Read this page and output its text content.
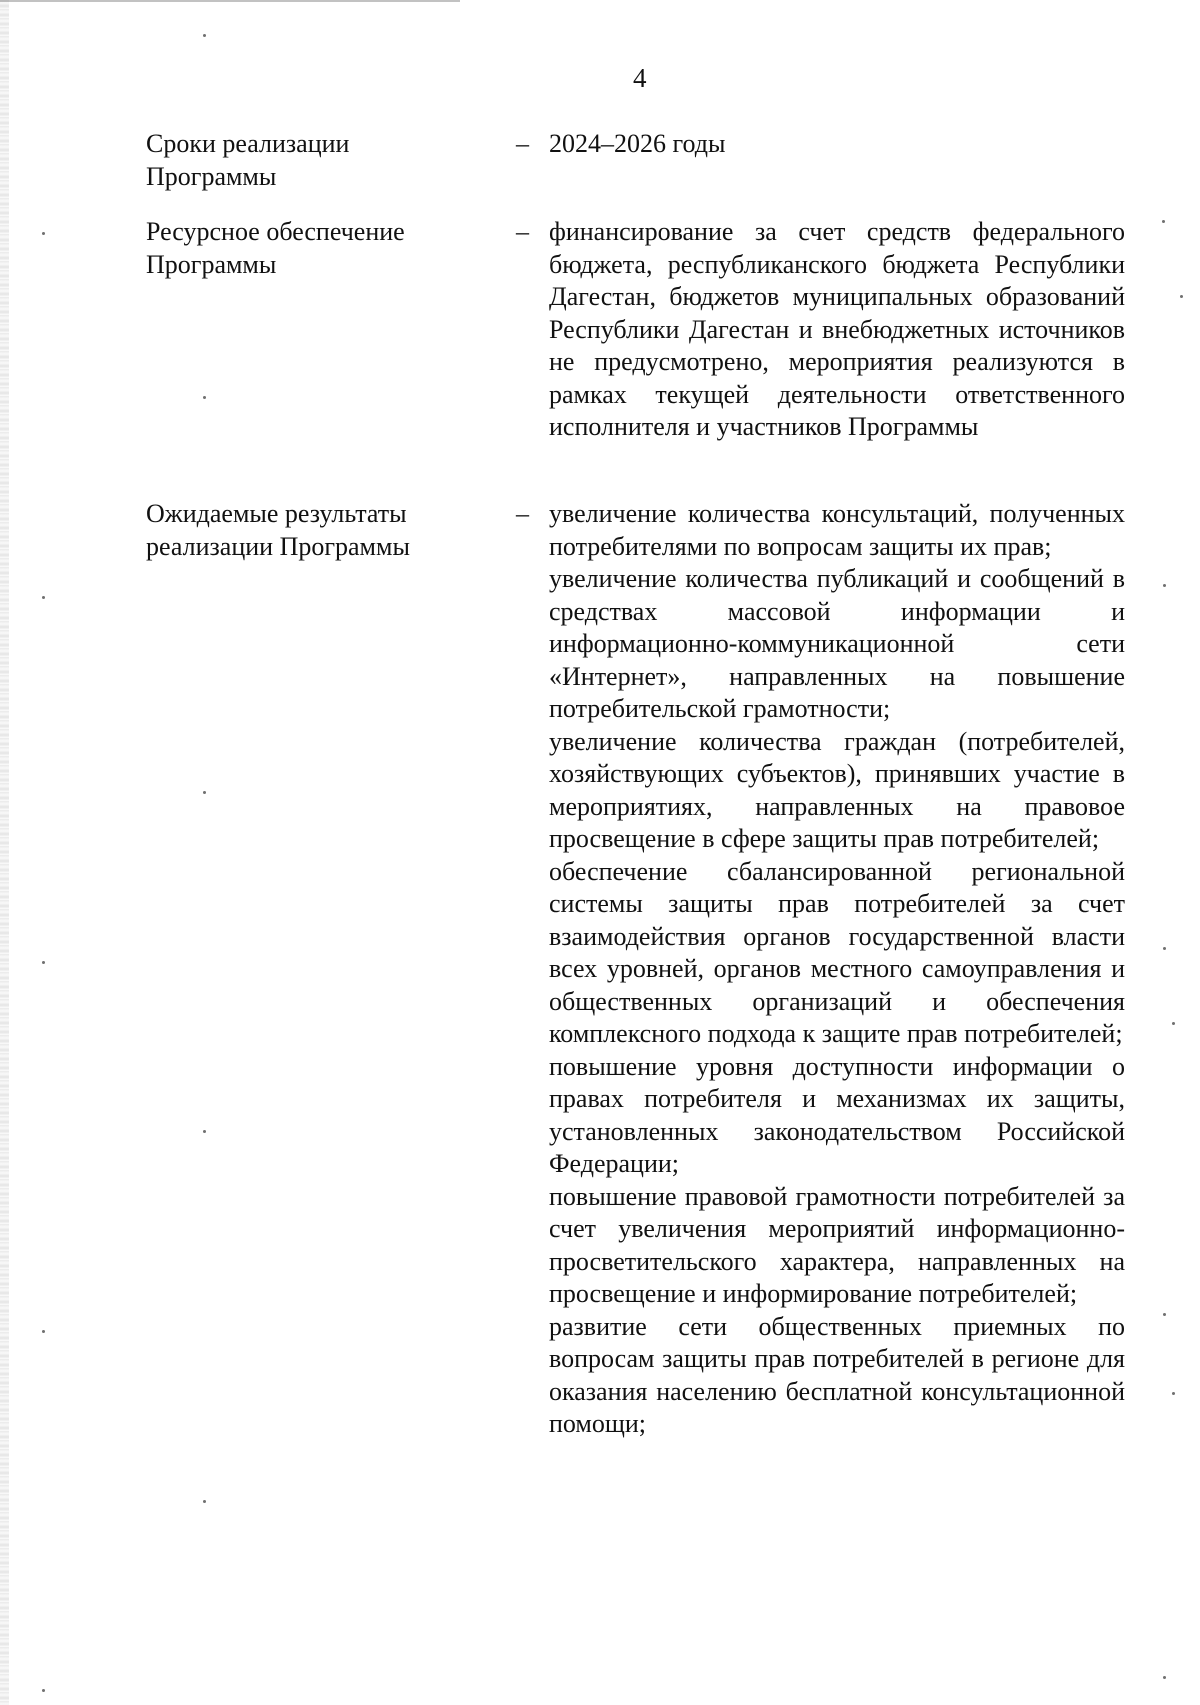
4
Сроки реализации Программы
– 2024–2026 годы

Ресурсное обеспечение Программы
– финансирование за счет средств федерального бюджета, республиканского бюджета Республики Дагестан, бюджетов муниципальных образований Республики Дагестан и внебюджетных источников не предусмотрено, мероприятия реализуются в рамках текущей деятельности ответственного исполнителя и участников Программы

Ожидаемые результаты реализации Программы
– увеличение количества консультаций, полученных потребителями по вопросам защиты их прав;

увеличение количества публикаций и сообщений в средствах массовой информации и информационно-коммуникационной сети «Интернет», направленных на повышение потребительской грамотности;

увеличение количества граждан (потребителей, хозяйствующих субъектов), принявших участие в мероприятиях, направленных на правовое просвещение в сфере защиты прав потребителей;

обеспечение сбалансированной региональной системы защиты прав потребителей за счет взаимодействия органов государственной власти всех уровней, органов местного самоуправления и общественных организаций и обеспечения комплексного подхода к защите прав потребителей;

повышение уровня доступности информации о правах потребителя и механизмах их защиты, установленных законодательством Российской Федерации;

повышение правовой грамотности потребителей за счет увеличения мероприятий информационно-просветительского характера, направленных на просвещение и информирование потребителей;

развитие сети общественных приемных по вопросам защиты прав потребителей в регионе для оказания населению бесплатной консультационной помощи;
